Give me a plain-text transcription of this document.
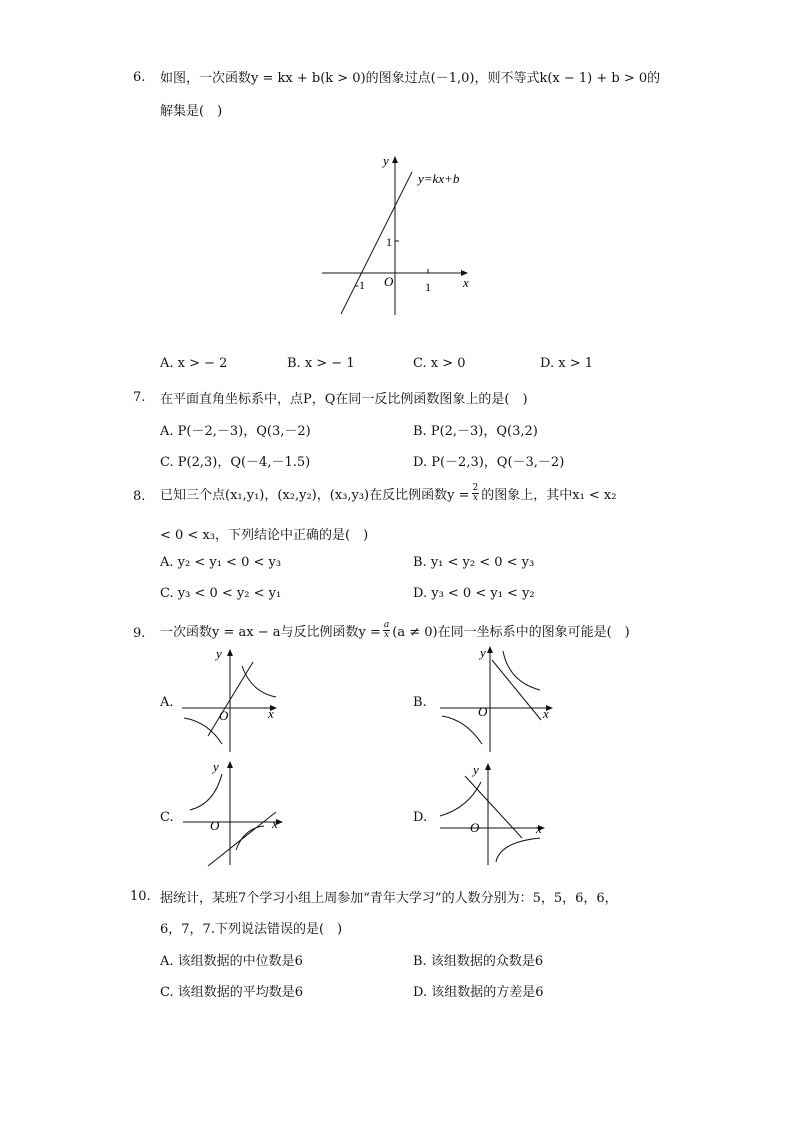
6. 如图，一次函数y = kx + b(k > 0)的图象过点(－1,0)，则不等式k(x − 1) + b > 0的
解集是(　)
y
y=kx+b
1
-1 O	1 x
A. x > − 2	B. x > − 1	C. x > 0	D. x > 1
7. 在平面直角坐标系中，点P，Q在同一反比例函数图象上的是(　)
A. P(－2,－3)，Q(3,－2)	B. P(2,－3)，Q(3,2)
C. P(2,3)，Q(－4,－1.5)	D. P(－2,3)，Q(－3,－2)
8. 已知三个点(x₁,y₁)，(x₂,y₂)，(x₃,y₃)在反比例函数$y = \frac{2}{x}$ 的图象上，其中x₁ < x₂
< 0 < x₃，下列结论中正确的是(　)
A. y₂ < y₁ < 0 < y₃	B. y₁ < y₂ < 0 < y₃
C. y₃ < 0 < y₂ < y₁	D. y₃ < 0 < y₁ < y₂
9. 一次函数y = ax − a与反比例函数$y = \frac{a}{x} (a \ne 0)$在同一坐标系中的图象可能是(　)
A.
y
O	x
B.
y
O	x
C.
y
O	x	D.
y
O	x
10. 据统计，某班7个学习小组上周参加“青年大学习”的人数分别为：5，5，6，6，
6，7，7.下列说法错误的是(　)
A. 该组数据的中位数是6	B. 该组数据的众数是6
C. 该组数据的平均数是6	D. 该组数据的方差是6
